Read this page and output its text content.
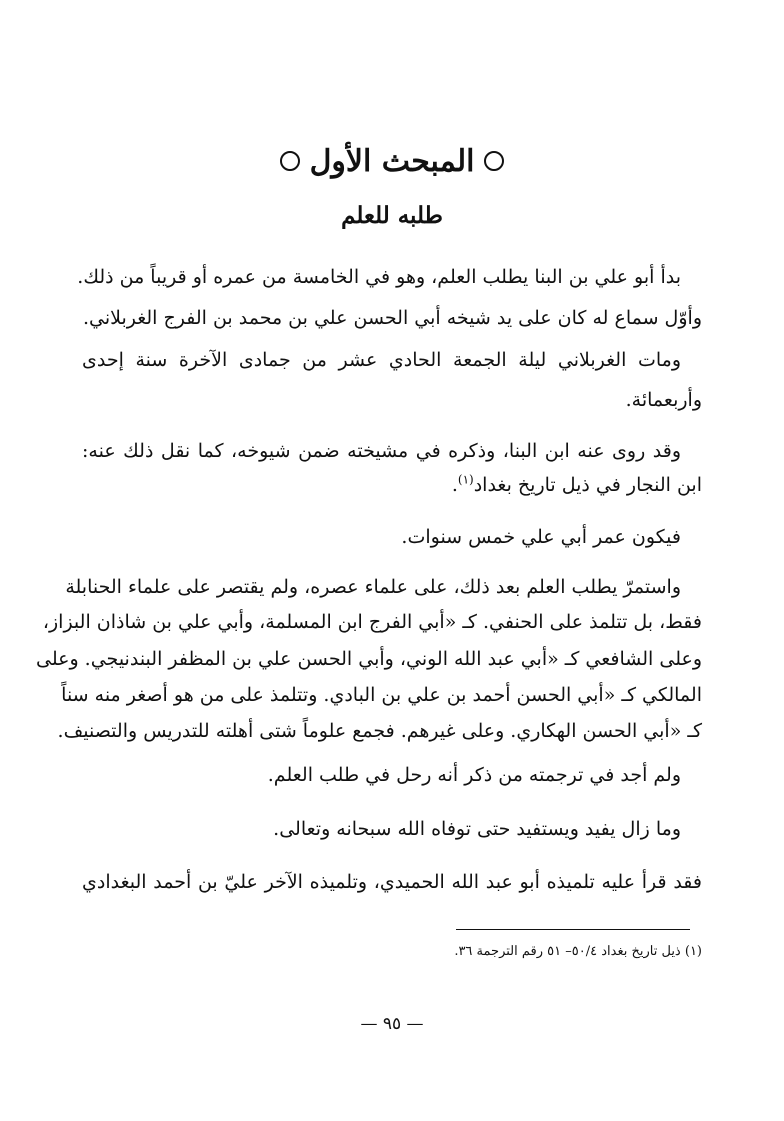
المبحث الأول
طلبه للعلم
بدأ أبو علي بن البنا يطلب العلم، وهو في الخامسة من عمره أو قريباً من ذلك.
وأوّل سماع له كان على يد شيخه أبي الحسن علي بن محمد بن الفرج الغربلاني.
ومات الغربلاني ليلة الجمعة الحادي عشر من جمادى الآخرة سنة إحدى
وأربعمائة.
وقد روى عنه ابن البنا، وذكره في مشيخته ضمن شيوخه، كما نقل ذلك عنه:
ابن النجار في ذيل تاريخ بغداد$^{(١)}$.
فيكون عمر أبي علي خمس سنوات.
واستمرّ يطلب العلم بعد ذلك، على علماء عصره، ولم يقتصر على علماء الحنابلة
فقط، بل تتلمذ على الحنفي. كـ «أبي الفرج ابن المسلمة، وأبي علي بن شاذان البزاز،
وعلى الشافعي كـ «أبي عبد الله الوني، وأبي الحسن علي بن المظفر البندنيجي. وعلى
المالكي كـ «أبي الحسن أحمد بن علي بن البادي. وتتلمذ على من هو أصغر منه سناً
كـ «أبي الحسن الهكاري. وعلى غيرهم. فجمع علوماً شتى أهلته للتدريس والتصنيف.
ولم أجد في ترجمته من ذكر أنه رحل في طلب العلم.
وما زال يفيد ويستفيد حتى توفاه الله سبحانه وتعالى.
فقد قرأ عليه تلميذه أبو عبد الله الحميدي، وتلميذه الآخر عليّ بن أحمد البغدادي
(١) ذيل تاريخ بغداد ٥٠/٤– ٥١ رقم الترجمة ٣٦.
— ٩٥ —
